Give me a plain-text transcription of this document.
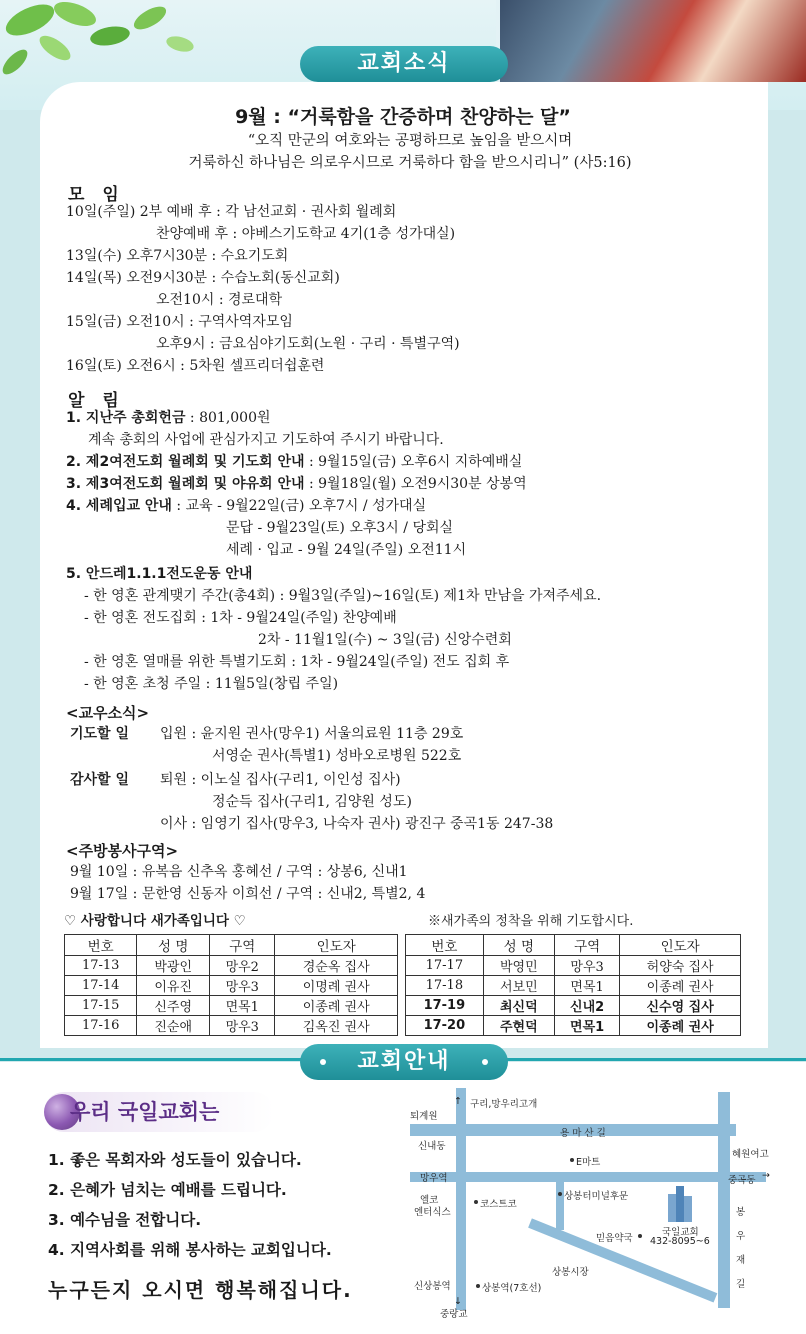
교회소식
9월 : “거룩함을 간증하며 찬양하는 달”
“오직 만군의 여호와는 공평하므로 높임을 받으시며
거룩하신 하나님은 의로우시므로 거룩하다 함을 받으시리니” (사5:16)
모 임
10일(주일) 2부 예배 후 : 각 남선교회 · 권사회 월례회
찬양예배 후 : 야베스기도학교 4기(1층 성가대실)
13일(수) 오후7시30분 : 수요기도회
14일(목) 오전9시30분 : 수습노회(동신교회)
오전10시 : 경로대학
15일(금) 오전10시 : 구역사역자모임
오후9시 : 금요심야기도회(노원 · 구리 · 특별구역)
16일(토) 오전6시 : 5차원 셀프리더쉽훈련
알 림
1. 지난주 총회헌금 : 801,000원
계속 총회의 사업에 관심가지고 기도하여 주시기 바랍니다.
2. 제2여전도회 월례회 및 기도회 안내 : 9월15일(금) 오후6시 지하예배실
3. 제3여전도회 월례회 및 야유회 안내 : 9월18일(월) 오전9시30분 상봉역
4. 세례입교 안내 : 교육 - 9월22일(금) 오후7시 / 성가대실
문답 - 9월23일(토) 오후3시 / 당회실
세례 · 입교 - 9월 24일(주일) 오전11시
5. 안드레1.1.1전도운동 안내
- 한 영혼 관계맺기 주간(총4회) : 9월3일(주일)~16일(토) 제1차 만남을 가져주세요.
- 한 영혼 전도집회 : 1차 - 9월24일(주일) 찬양예배
2차 - 11월1일(수) ~ 3일(금) 신앙수련회
- 한 영혼 열매를 위한 특별기도회 : 1차 - 9월24일(주일) 전도 집회 후
- 한 영혼 초청 주일 : 11월5일(창립 주일)
<교우소식>
기도할 일 입원 : 윤지원 권사(망우1) 서울의료원 11층 29호
서영순 권사(특별1) 성바오로병원 522호
감사할 일 퇴원 : 이노실 집사(구리1, 이인성 집사)
정순득 집사(구리1, 김양원 성도)
이사 : 임영기 집사(망우3, 나숙자 권사) 광진구 중곡1동 247-38
<주방봉사구역>
9월 10일 : 유복음 신추옥 홍혜선 / 구역 : 상봉6, 신내1
9월 17일 : 문한영 신동자 이희선 / 구역 : 신내2, 특별2, 4
♡ 사랑합니다 새가족입니다 ♡	※새가족의 정착을 위해 기도합시다.
번호	성 명	구역	인도자
17-13	박광인	망우2	경순옥 집사
17-14	이유진	망우3	이명례 권사
17-15	신주영	면목1	이종례 권사
17-16	진순애	망우3	김옥진 권사
번호	성 명	구역	인도자
17-17	박영민	망우3	허양숙 집사
17-18	서보민	면목1	이종례 권사
17-19	최신덕	신내2	신수영 집사
17-20	주현덕	면목1	이종례 권사
교회안내
우리 국일교회는
1. 좋은 목회자와 성도들이 있습니다.
2. 은혜가 넘치는 예배를 드립니다.
3. 예수님을 전합니다.
4. 지역사회를 위해 봉사하는 교회입니다.
누구든지 오시면 행복해집니다.
↑ 구리,망우리고개
퇴계원
용 마 산 길
신내동
혜원여고
E마트
망우역	중곡동 →
엘코
엔터식스
코스트코
상봉터미널후문
국일교회
432-8095~6
믿음약국
봉
우
재
길
상봉시장
신상봉역	상봉역(7호선)
↓
중랑교
